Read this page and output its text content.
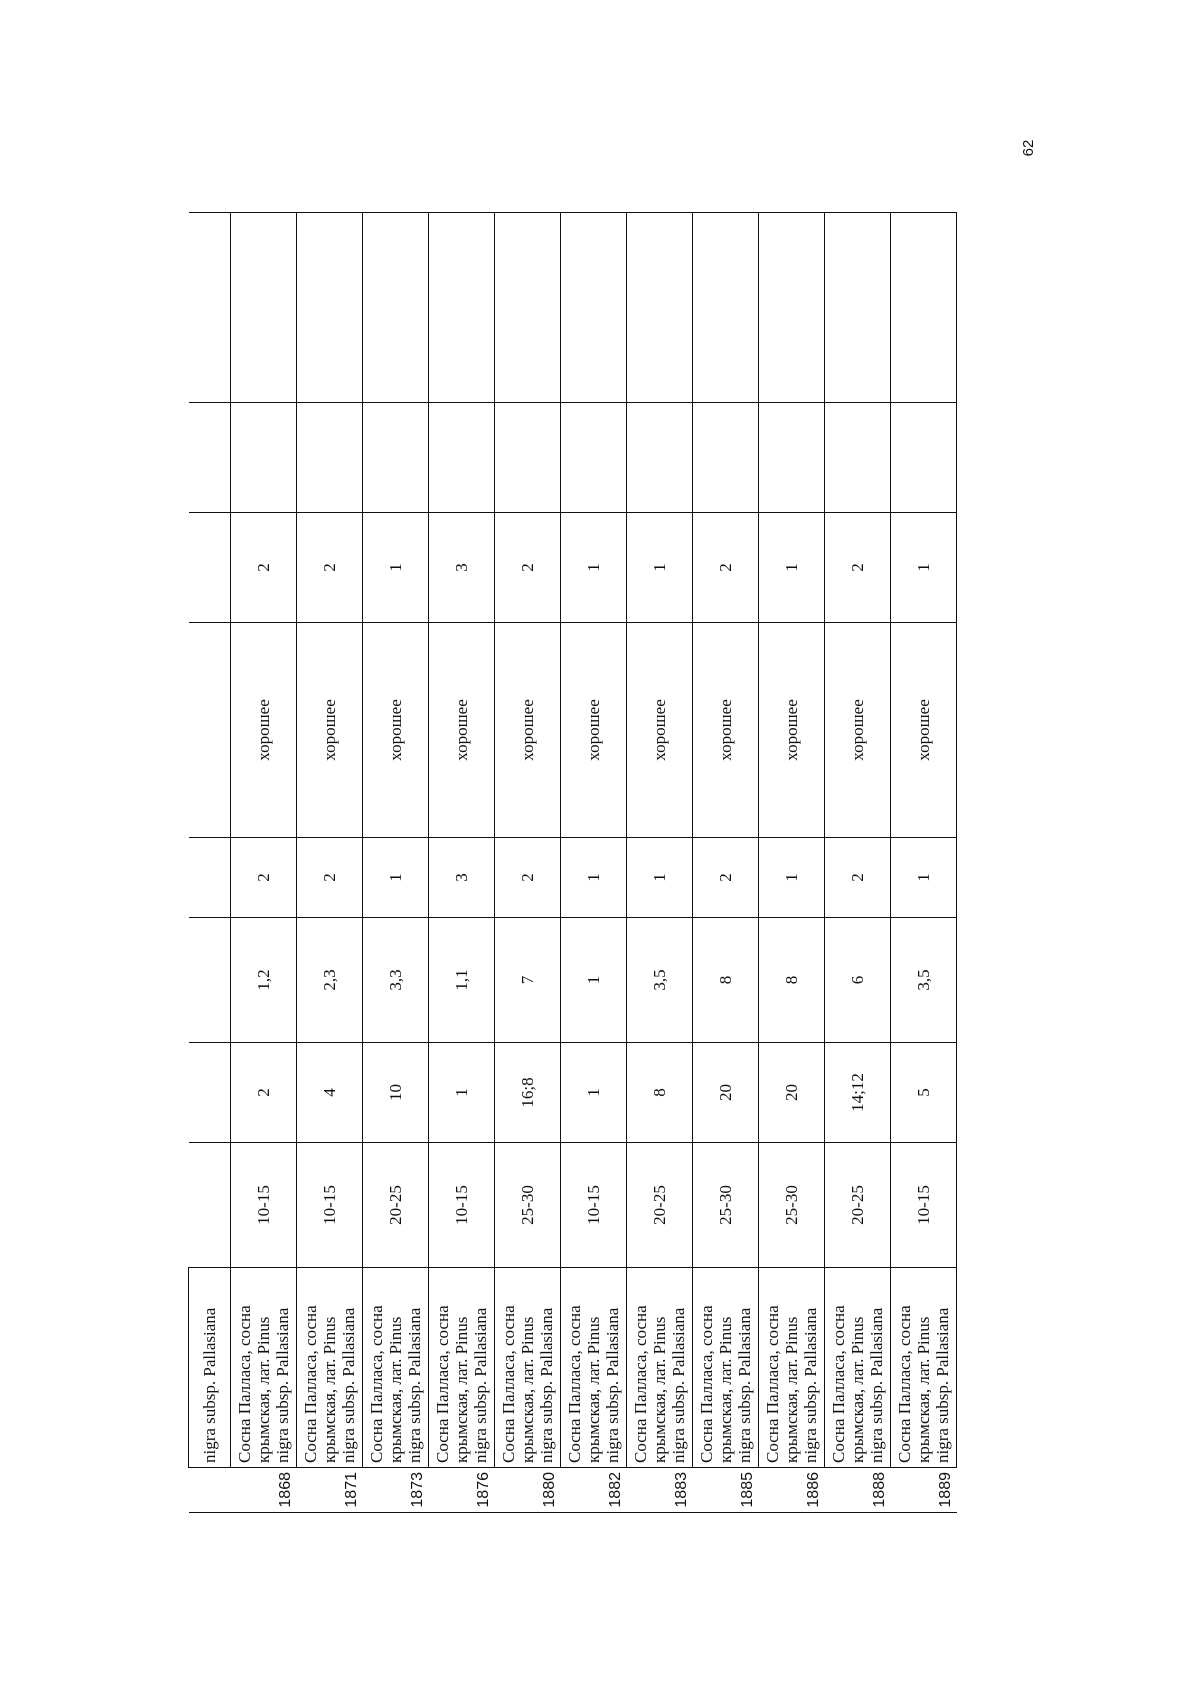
62
	nigra subsp. Pallasiana								
1868	Сосна Палласа, сосна крымская, лат. Pinus nigra subsp. Pallasiana	10-15	2	1,2	2	хорошее	2		
1871	Сосна Палласа, сосна крымская, лат. Pinus nigra subsp. Pallasiana	10-15	4	2,3	2	хорошее	2		
1873	Сосна Палласа, сосна крымская, лат. Pinus nigra subsp. Pallasiana	20-25	10	3,3	1	хорошее	1		
1876	Сосна Палласа, сосна крымская, лат. Pinus nigra subsp. Pallasiana	10-15	1	1,1	3	хорошее	3		
1880	Сосна Палласа, сосна крымская, лат. Pinus nigra subsp. Pallasiana	25-30	16;8	7	2	хорошее	2		
1882	Сосна Палласа, сосна крымская, лат. Pinus nigra subsp. Pallasiana	10-15	1	1	1	хорошее	1		
1883	Сосна Палласа, сосна крымская, лат. Pinus nigra subsp. Pallasiana	20-25	8	3,5	1	хорошее	1		
1885	Сосна Палласа, сосна крымская, лат. Pinus nigra subsp. Pallasiana	25-30	20	8	2	хорошее	2		
1886	Сосна Палласа, сосна крымская, лат. Pinus nigra subsp. Pallasiana	25-30	20	8	1	хорошее	1		
1888	Сосна Палласа, сосна крымская, лат. Pinus nigra subsp. Pallasiana	20-25	14;12	6	2	хорошее	2		
1889	Сосна Палласа, сосна крымская, лат. Pinus nigra subsp. Pallasiana	10-15	5	3,5	1	хорошее	1		
